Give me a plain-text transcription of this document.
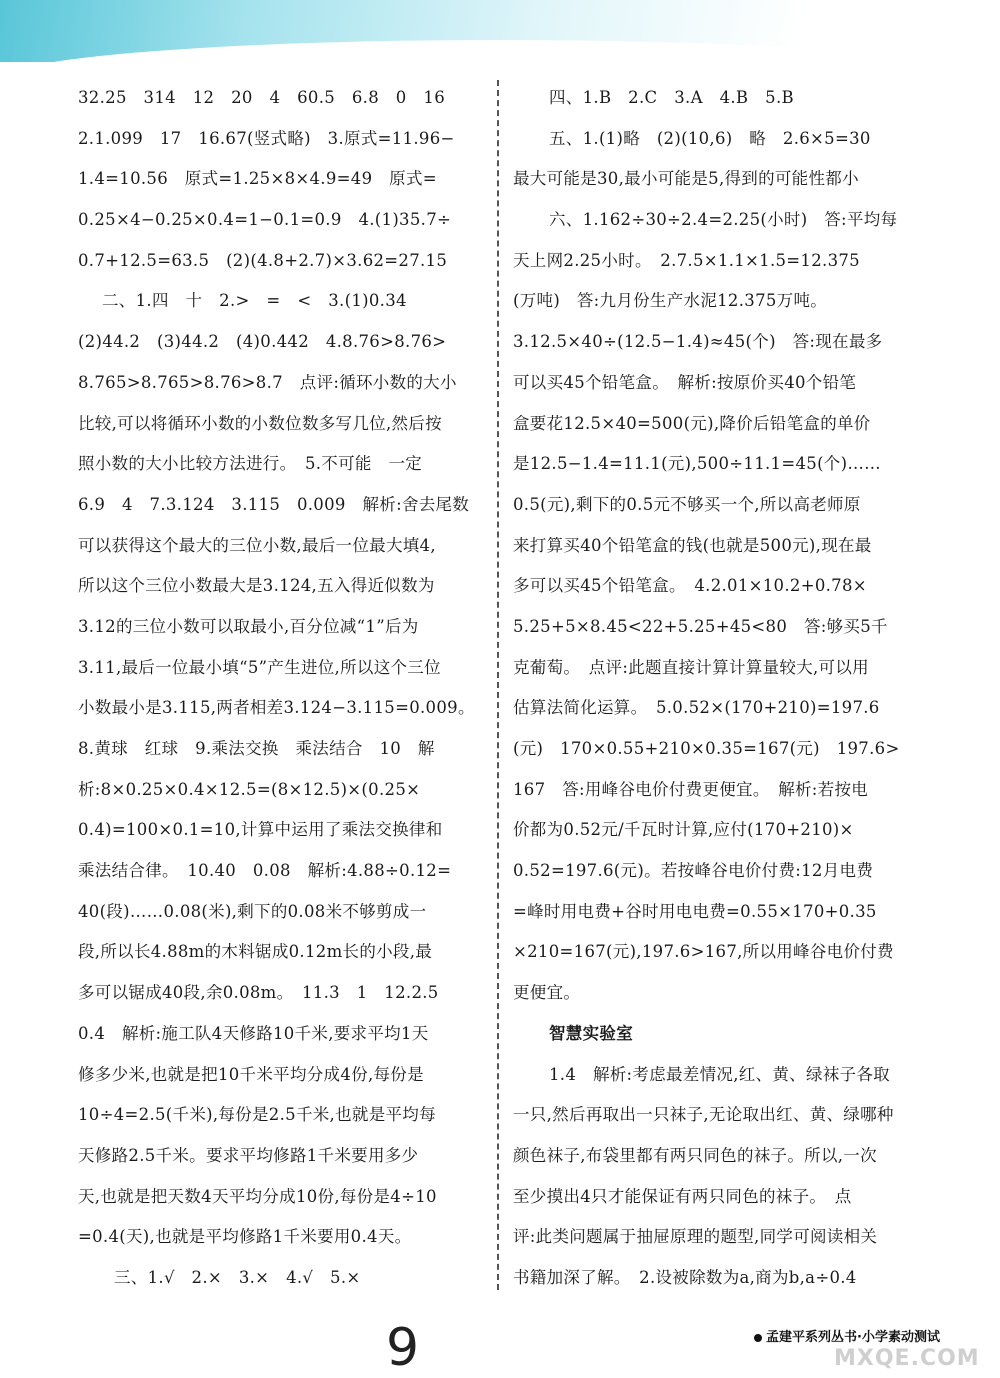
32.25　314　12　20　4　60.5　6.8　0　16
2.1.099　17　16.67(竖式略)　3.原式=11.96−
1.4=10.56　原式=1.25×8×4.9=49　原式=
0.25×4−0.25×0.4=1−0.1=0.9　4.(1)35.7÷
0.7+12.5=63.5　(2)(4.8+2.7)×3.62=27.15
二、1.四　十　2.>　=　<　3.(1)0.34
(2)44.2　(3)44.2　(4)0.442　4.8.76>8.76>
8.765>8.765>8.76>8.7　点评:循环小数的大小
比较,可以将循环小数的小数位数多写几位,然后按
照小数的大小比较方法进行。　5.不可能　一定
6.9　4　7.3.124　3.115　0.009　解析:舍去尾数
可以获得这个最大的三位小数,最后一位最大填4,
所以这个三位小数最大是3.124,五入得近似数为
3.12的三位小数可以取最小,百分位减“1”后为
3.11,最后一位最小填“5”产生进位,所以这个三位
小数最小是3.115,两者相差3.124−3.115=0.009。
8.黄球　红球　9.乘法交换　乘法结合　10　解
析:8×0.25×0.4×12.5=(8×12.5)×(0.25×
0.4)=100×0.1=10,计算中运用了乘法交换律和
乘法结合律。　10.40　0.08　解析:4.88÷0.12=
40(段)……0.08(米),剩下的0.08米不够剪成一
段,所以长4.88m的木料锯成0.12m长的小段,最
多可以锯成40段,余0.08m。　11.3　1　12.2.5
0.4　解析:施工队4天修路10千米,要求平均1天
修多少米,也就是把10千米平均分成4份,每份是
10÷4=2.5(千米),每份是2.5千米,也就是平均每
天修路2.5千米。要求平均修路1千米要用多少
天,也就是把天数4天平均分成10份,每份是4÷10
=0.4(天),也就是平均修路1千米要用0.4天。
三、1.√　2.×　3.×　4.√　5.×
四、1.B　2.C　3.A　4.B　5.B
五、1.(1)略　(2)(10,6)　略　2.6×5=30
最大可能是30,最小可能是5,得到的可能性都小
六、1.162÷30÷2.4=2.25(小时)　答:平均每
天上网2.25小时。　2.7.5×1.1×1.5=12.375
(万吨)　答:九月份生产水泥12.375万吨。
3.12.5×40÷(12.5−1.4)≈45(个)　答:现在最多
可以买45个铅笔盒。　解析:按原价买40个铅笔
盒要花12.5×40=500(元),降价后铅笔盒的单价
是12.5−1.4=11.1(元),500÷11.1=45(个)……
0.5(元),剩下的0.5元不够买一个,所以高老师原
来打算买40个铅笔盒的钱(也就是500元),现在最
多可以买45个铅笔盒。　4.2.01×10.2+0.78×
5.25+5×8.45<22+5.25+45<80　答:够买5千
克葡萄。　点评:此题直接计算计算量较大,可以用
估算法简化运算。　5.0.52×(170+210)=197.6
(元)　170×0.55+210×0.35=167(元)　197.6>
167　答:用峰谷电价付费更便宜。　解析:若按电
价都为0.52元/千瓦时计算,应付(170+210)×
0.52=197.6(元)。若按峰谷电价付费:12月电费
=峰时用电费+谷时用电电费=0.55×170+0.35
×210=167(元),197.6>167,所以用峰谷电价付费
更便宜。
智慧实验室
1.4　解析:考虑最差情况,红、黄、绿袜子各取
一只,然后再取出一只袜子,无论取出红、黄、绿哪种
颜色袜子,布袋里都有两只同色的袜子。所以,一次
至少摸出4只才能保证有两只同色的袜子。　点
评:此类问题属于抽屉原理的题型,同学可阅读相关
书籍加深了解。　2.设被除数为a,商为b,a÷0.4
9	孟建平系列丛书·小学素动测试
MXQE.COM
